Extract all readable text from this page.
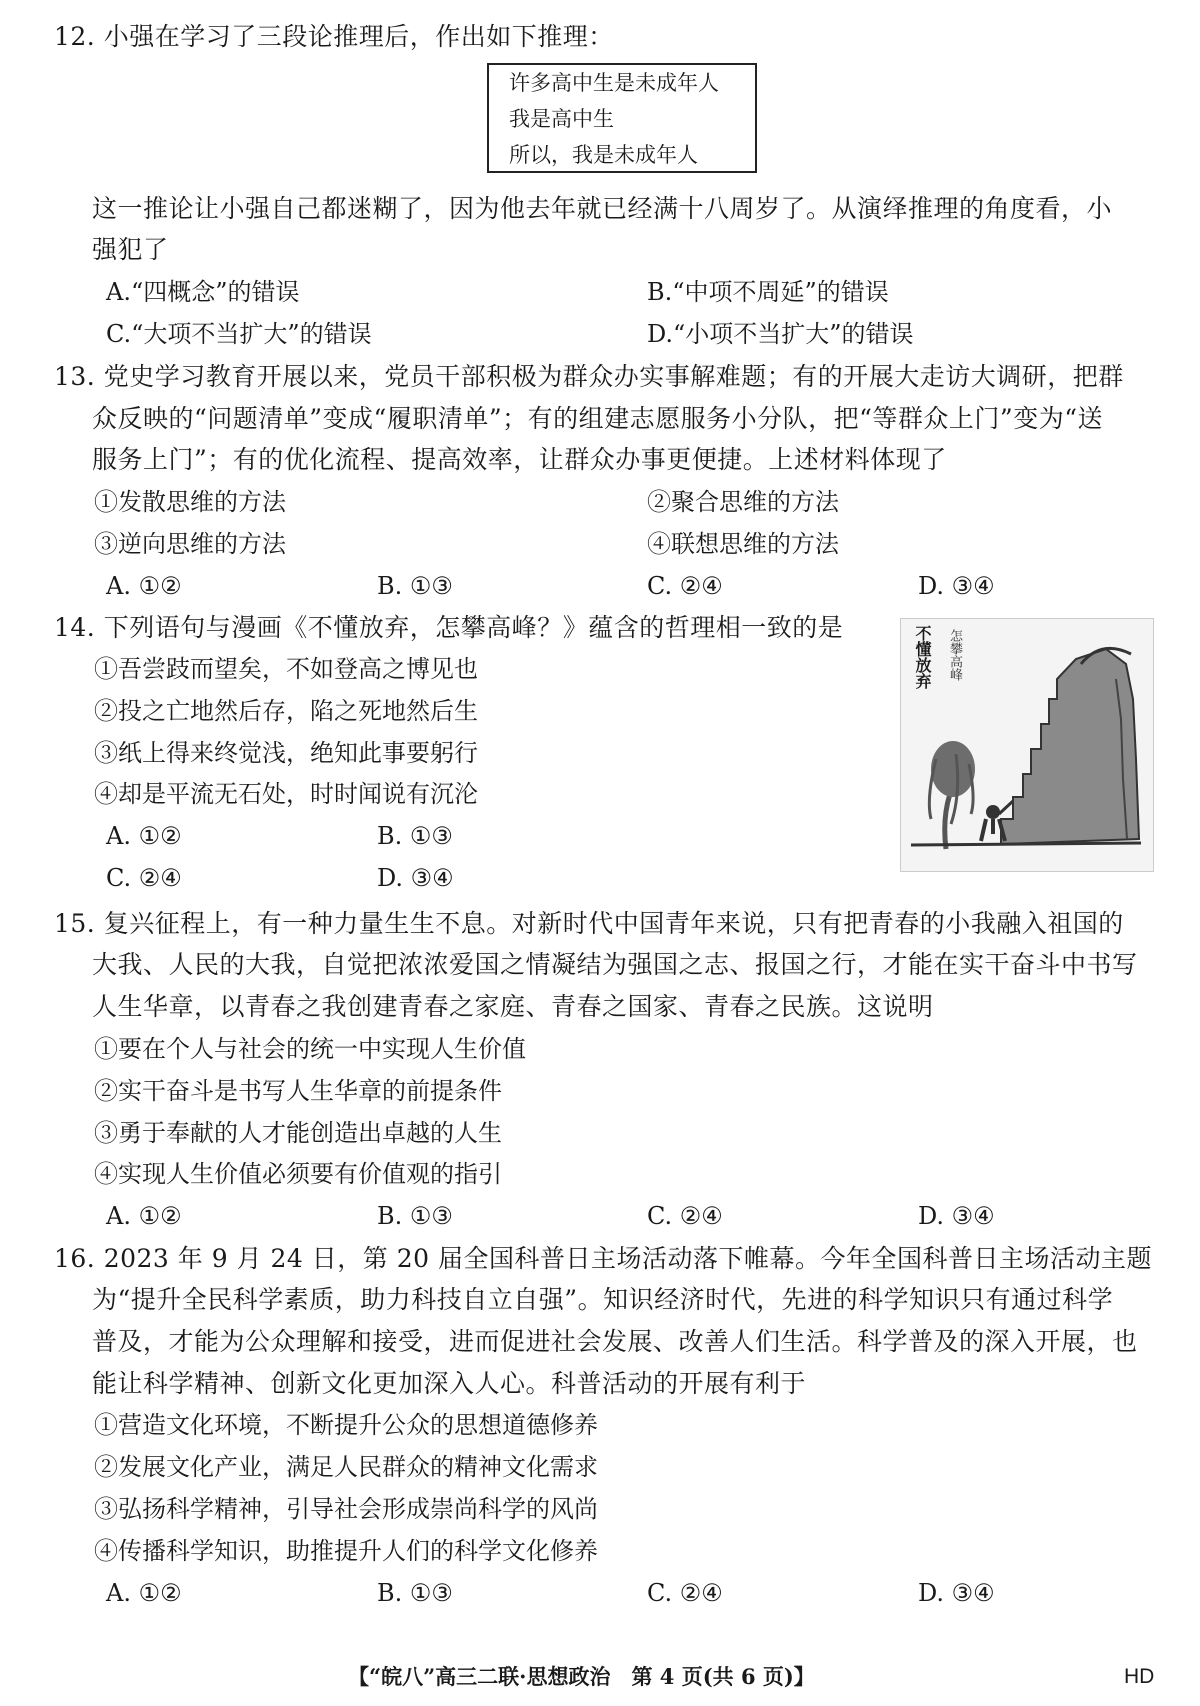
12. 小强在学习了三段论推理后，作出如下推理：
许多高中生是未成年人
我是高中生
所以，我是未成年人
这一推论让小强自己都迷糊了，因为他去年就已经满十八周岁了。从演绎推理的角度看，小
强犯了
A.“四概念”的错误	B.“中项不周延”的错误
C.“大项不当扩大”的错误	D.“小项不当扩大”的错误
13. 党史学习教育开展以来，党员干部积极为群众办实事解难题；有的开展大走访大调研，把群
众反映的“问题清单”变成“履职清单”；有的组建志愿服务小分队，把“等群众上门”变为“送
服务上门”；有的优化流程、提高效率，让群众办事更便捷。上述材料体现了
①发散思维的方法	②聚合思维的方法
③逆向思维的方法	④联想思维的方法
A. ①②	B. ①③	C. ②④	D. ③④
14. 下列语句与漫画《不懂放弃，怎攀高峰？》蕴含的哲理相一致的是
①吾尝跂而望矣，不如登高之博见也
②投之亡地然后存，陷之死地然后生
③纸上得来终觉浅，绝知此事要躬行
④却是平流无石处，时时闻说有沉沦
A. ①②	B. ①③
C. ②④	D. ③④
不懂放弃	怎攀高峰
15. 复兴征程上，有一种力量生生不息。对新时代中国青年来说，只有把青春的小我融入祖国的
大我、人民的大我，自觉把浓浓爱国之情凝结为强国之志、报国之行，才能在实干奋斗中书写
人生华章，以青春之我创建青春之家庭、青春之国家、青春之民族。这说明
①要在个人与社会的统一中实现人生价值
②实干奋斗是书写人生华章的前提条件
③勇于奉献的人才能创造出卓越的人生
④实现人生价值必须要有价值观的指引
A. ①②	B. ①③	C. ②④	D. ③④
16. 2023 年 9 月 24 日，第 20 届全国科普日主场活动落下帷幕。今年全国科普日主场活动主题
为“提升全民科学素质，助力科技自立自强”。知识经济时代，先进的科学知识只有通过科学
普及，才能为公众理解和接受，进而促进社会发展、改善人们生活。科学普及的深入开展，也
能让科学精神、创新文化更加深入人心。科普活动的开展有利于
①营造文化环境，不断提升公众的思想道德修养
②发展文化产业，满足人民群众的精神文化需求
③弘扬科学精神，引导社会形成崇尚科学的风尚
④传播科学知识，助推提升人们的科学文化修养
A. ①②	B. ①③	C. ②④	D. ③④
【“皖八”高三二联·思想政治　第 4 页(共 6 页)】	HD
